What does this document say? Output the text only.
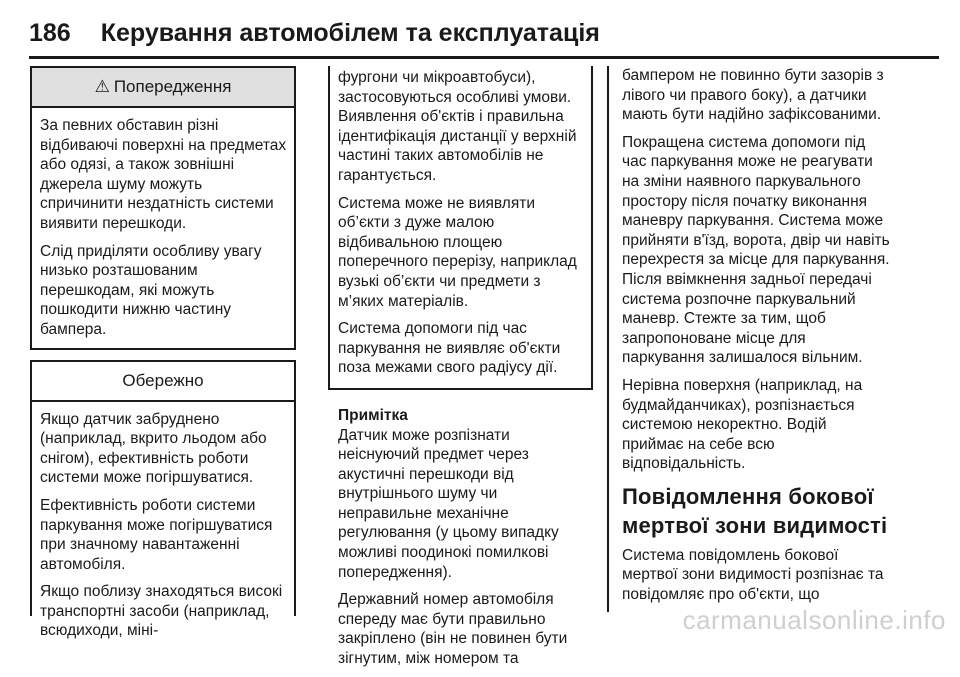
186 Керування автомобілем та експлуатація
⚠ Попередження

За певних обставин різні відбиваючі поверхні на предметах або одязі, а також зовнішні джерела шуму можуть спричинити нездатність системи виявити перешкоди.

Слід приділяти особливу увагу низько розташованим перешкодам, які можуть пошкодити нижню частину бампера.

Обережно

Якщо датчик забруднено (наприклад, вкрито льодом або снігом), ефективність роботи системи може погіршуватися.

Ефективність роботи системи паркування може погіршуватися при значному навантаженні автомобіля.

Якщо поблизу знаходяться високі транспортні засоби (наприклад, всюдиходи, міні-

фургони чи мікроавтобуси), застосовуються особливі умови. Виявлення об'єктів і правильна ідентифікація дистанції у верхній частині таких автомобілів не гарантується.

Система може не виявляти об’єкти з дуже малою відбивальною площею поперечного перерізу, наприклад вузькі об’єкти чи предмети з м’яких матеріалів.

Система допомоги під час паркування не виявляє об'єкти поза межами свого радіусу дії.

Примітка

Датчик може розпізнати неіснуючий предмет через акустичні перешкоди від внутрішнього шуму чи неправильне механічне регулювання (у цьому випадку можливі поодинокі помилкові попередження).

Державний номер автомобіля спереду має бути правильно закріплено (він не повинен бути зігнутим, між номером та

бампером не повинно бути зазорів з лівого чи правого боку), а датчики мають бути надійно зафіксованими.

Покращена система допомоги під час паркування може не реагувати на зміни наявного паркувального простору після початку виконання маневру паркування. Система може прийняти в'їзд, ворота, двір чи навіть перехрестя за місце для паркування. Після ввімкнення задньої передачі система розпочне паркувальний маневр. Стежте за тим, щоб запропоноване місце для паркування залишалося вільним.

Нерівна поверхня (наприклад, на будмайданчиках), розпізнається системою некоректно. Водій приймає на себе всю відповідальність.

Повідомлення бокової мертвої зони видимості

Система повідомлень бокової мертвої зони видимості розпізнає та повідомляє про об'єкти, що

carmanualsonline.info
